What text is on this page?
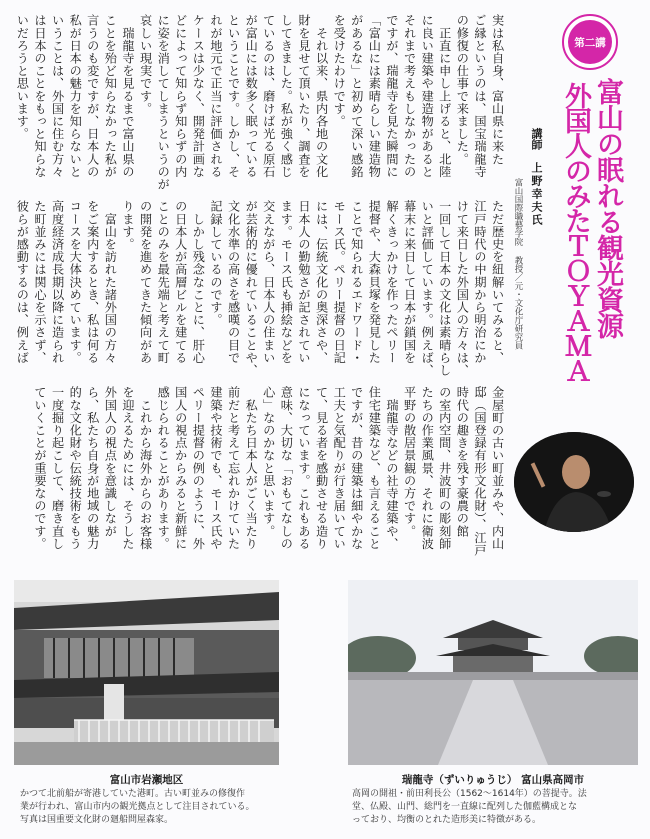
第二講
富山の眠れる観光資源
外国人のみたＴＯＹＡＭＡ
講師
上野幸夫氏
富山国際職藝学院 教授／元・文化庁研究員
実は私自身、富山県に来た
ご縁というのは、国宝瑞龍寺
の修復の仕事で来ました。
　正直に申し上げると、北陸
に良い建築や建造物があると
それまで考えもしなかったの
ですが、瑞龍寺を見た瞬間に
「富山には素晴らしい建造物
があるな」と初めて深い感銘
を受けたわけです。
　それ以来、県内各地の文化
財を見せて頂いたり、調査を
してきました。私が強く感じ
ているのは、磨けば光る原石
が富山には数多く眠っている
ということです。しかし、そ
れが地元で正当に評価される
ケースは少なく、開発計画な
どによって知らず知らずの内
に姿を消してしまうというのが
哀しい現実です。
　瑞龍寺を見るまで富山県の
ことを殆ど知らなかった私が
言うのも変ですが、日本人の
私が日本の魅力を知らないと
いうことは、外国に住む方々
は日本のことをもっと知らな
いだろうと思います。
ただ歴史を紐解いてみると、
江戸時代の中期から明治にか
けて来日した外国人の方々は、
一回して日本の文化は素晴らし
いと評価しています。例えば、
幕末に来日して日本が鎖国を
解くきっかけを作ったペリー
提督や、大森貝塚を発見した
ことで知られるエドワード・
モース氏。ペリー提督の日記
には、伝統文化の奥深さや、
日本人の勤勉さが記されてい
ます。モース氏も挿絵などを
交えながら、日本人の住まい
が芸術的に優れていることや、
文化水準の高さを感嘆の目で
記録しているのです。
　しかし残念なことに、肝心
の日本人が高層ビルを建てる
ことのみを最先端と考えて町
の開発を進めてきた傾向があ
ります。
　富山を訪れた諸外国の方々
をご案内するとき、私は何る
コースを大体決めています。
高度経済成長期以降に造られ
た町並みには関心を示さず、
彼らが感動するのは、例えば
金屋町の古い町並みや、内山
邸（国登録有形文化財）、江戸
時代の趣きを残す豪農の館
の室内空間、井波町の彫刻師
たちの作業風景、それに衛波
平野の散居景観の方です。
　瑞龍寺などの社寺建築や、
住宅建築など、も言えること
ですが、昔の建築は細やかな
工夫と気配りが行き届いてい
て、見る者を感動させる造り
になっています。これもある
意味、大切な「おもてなしの
心」なのかなと思います。
　私たち日本人がごく当たり
前だと考えて忘れかけていた
建築や技術でも、モース氏や
ペリー提督の例のように、外
国人の視点からみると新鮮に
感じられることがあります。
　これから海外からのお客様
を迎えるためには、そうした
外国人の視点を意識しなが
ら、私たち自身が地域の魅力
的な文化財や伝統技術をもう
一度掘り起こして、磨き直し
ていくことが重要なのです。
富山市岩瀬地区
かつて北前船が寄港していた港町。古い町並みの修復作
業が行われ、富山市内の観光拠点として注目されている。
写真は国重要文化財の廻船問屋森家。
瑞龍寺（ずいりゅうじ） 富山県高岡市
高岡の開祖・前田利長公（1562～1614年）の菩提寺。法
堂、仏殿、山門、総門を一直線に配列した伽藍構成とな
っており、均衡のとれた造形美に特徴がある。
